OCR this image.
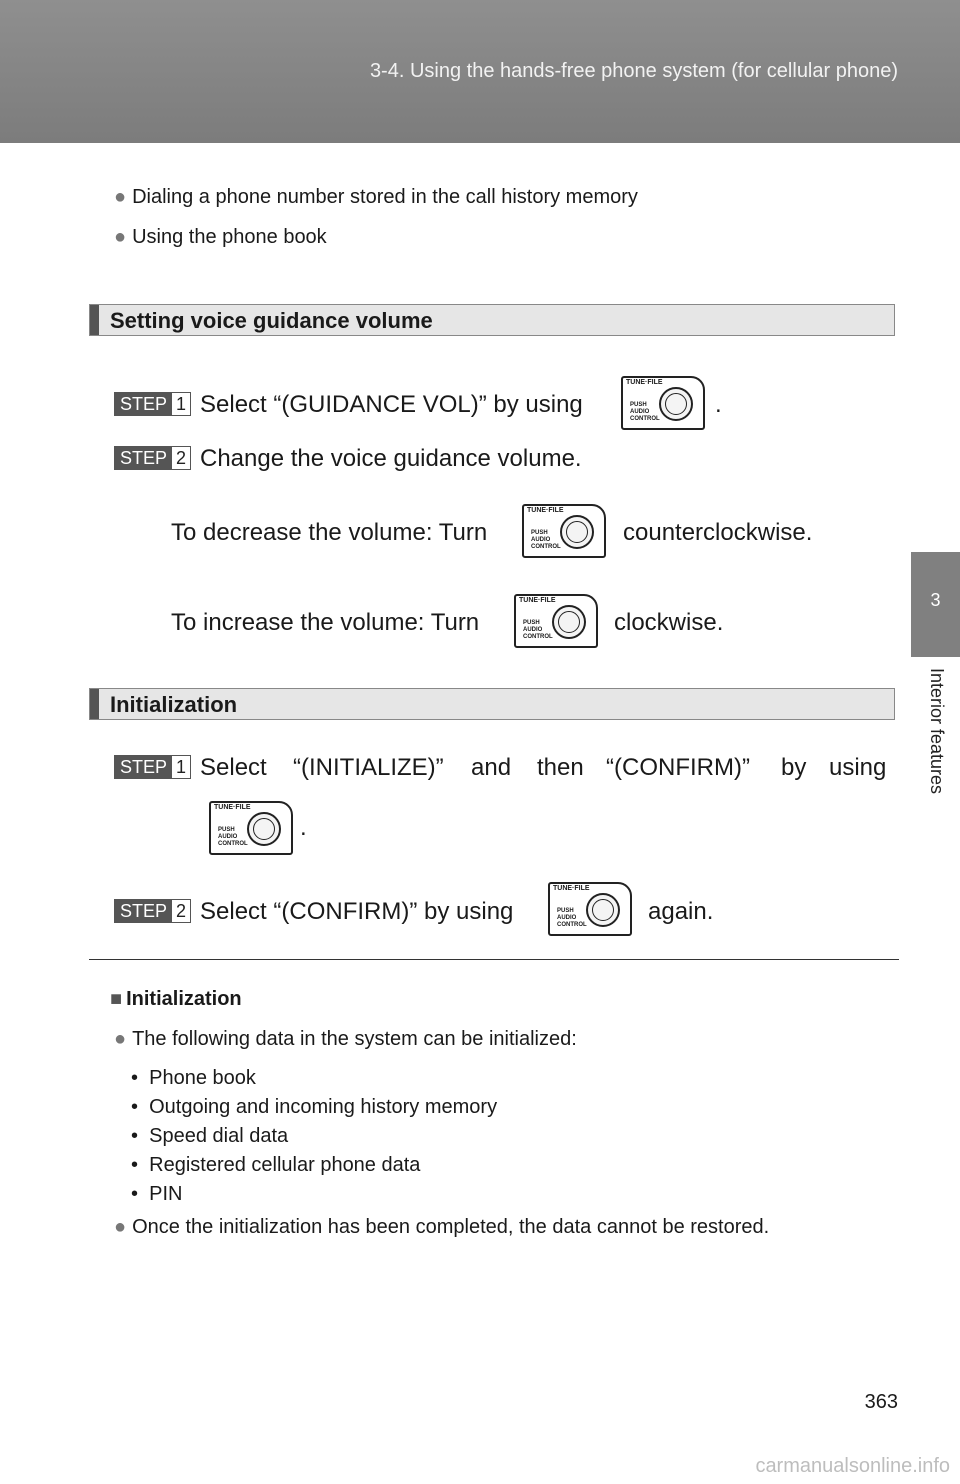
3-4. Using the hands-free phone system (for cellular phone)
3
Interior features
● Dialing a phone number stored in the call history memory
● Using the phone book
Setting voice guidance volume
STEP 1 Select “(GUIDANCE VOL)” by using
TUNE·FILE
PUSH
AUDIO
CONTROL
.
STEP 2 Change the voice guidance volume.
To decrease the volume: Turn
TUNE·FILE
PUSH
AUDIO
CONTROL
counterclockwise.
To increase the volume: Turn
TUNE·FILE
PUSH
AUDIO
CONTROL
clockwise.
Initialization
STEP 1 Select “(INITIALIZE)” and then “(CONFIRM)” by using
TUNE·FILE
PUSH
AUDIO
CONTROL
.
STEP 2 Select “(CONFIRM)” by using
TUNE·FILE
PUSH
AUDIO
CONTROL	again.
■ Initialization
● The following data in the system can be initialized:
•  Phone book
•  Outgoing and incoming history memory
•  Speed dial data
•  Registered cellular phone data
•  PIN
● Once the initialization has been completed, the data cannot be restored.
363
carmanualsonline.info
